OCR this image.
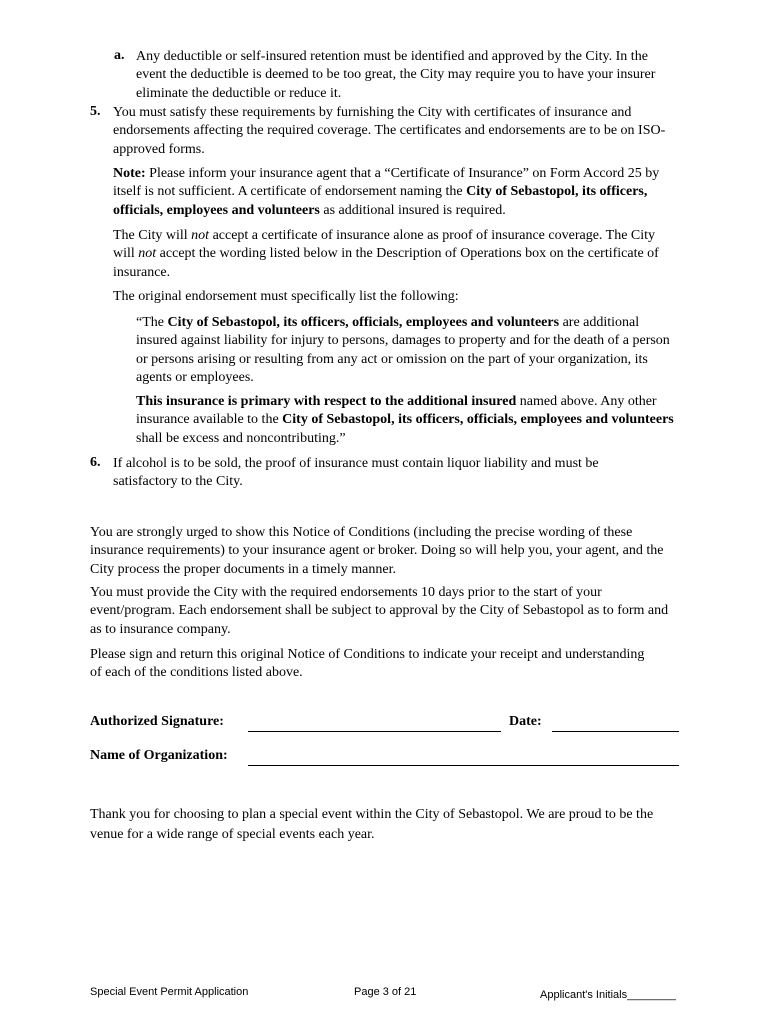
a. Any deductible or self-insured retention must be identified and approved by the City. In the event the deductible is deemed to be too great, the City may require you to have your insurer eliminate the deductible or reduce it.
5. You must satisfy these requirements by furnishing the City with certificates of insurance and endorsements affecting the required coverage. The certificates and endorsements are to be on ISO-approved forms.
Note: Please inform your insurance agent that a “Certificate of Insurance” on Form Accord 25 by itself is not sufficient. A certificate of endorsement naming the City of Sebastopol, its officers, officials, employees and volunteers as additional insured is required.
The City will not accept a certificate of insurance alone as proof of insurance coverage. The City will not accept the wording listed below in the Description of Operations box on the certificate of insurance.
The original endorsement must specifically list the following:
“The City of Sebastopol, its officers, officials, employees and volunteers are additional insured against liability for injury to persons, damages to property and for the death of a person or persons arising or resulting from any act or omission on the part of your organization, its agents or employees.
This insurance is primary with respect to the additional insured named above. Any other insurance available to the City of Sebastopol, its officers, officials, employees and volunteers shall be excess and noncontributing.”
6. If alcohol is to be sold, the proof of insurance must contain liquor liability and must be satisfactory to the City.
You are strongly urged to show this Notice of Conditions (including the precise wording of these insurance requirements) to your insurance agent or broker. Doing so will help you, your agent, and the City process the proper documents in a timely manner.
You must provide the City with the required endorsements 10 days prior to the start of your event/program. Each endorsement shall be subject to approval by the City of Sebastopol as to form and as to insurance company.
Please sign and return this original Notice of Conditions to indicate your receipt and understanding of each of the conditions listed above.
Authorized Signature:	Date:
Name of Organization:
Thank you for choosing to plan a special event within the City of Sebastopol. We are proud to be the venue for a wide range of special events each year.
Special Event Permit Application	Page 3 of 21	Applicant's Initials________
